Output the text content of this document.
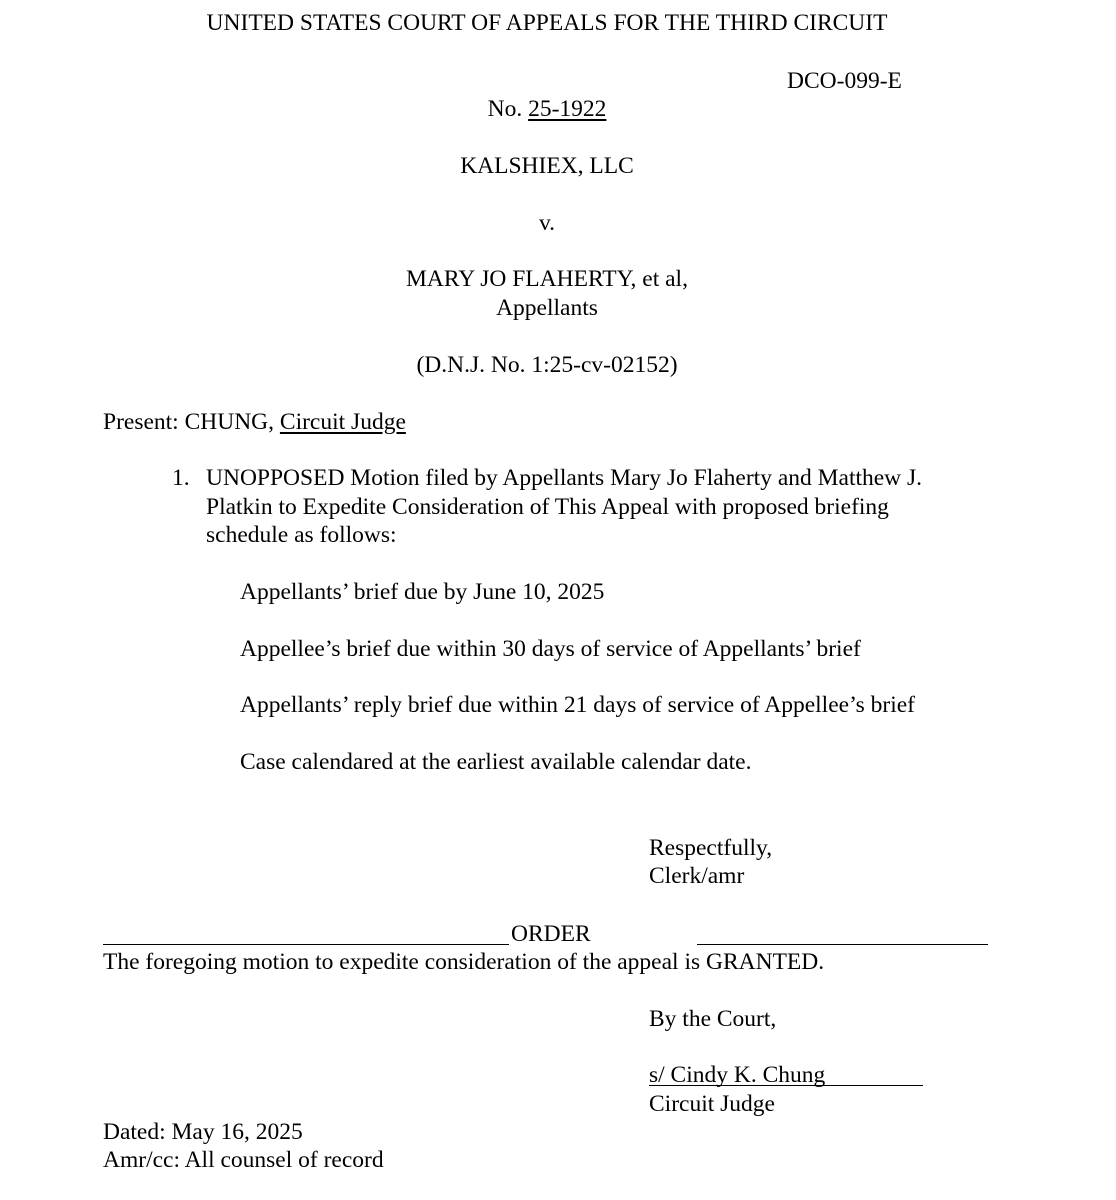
UNITED STATES COURT OF APPEALS FOR THE THIRD CIRCUIT
DCO-099-E
No. 25-1922
KALSHIEX, LLC
v.
MARY JO FLAHERTY, et al,
Appellants
(D.N.J. No. 1:25-cv-02152)
Present: CHUNG, Circuit Judge
1. UNOPPOSED Motion filed by Appellants Mary Jo Flaherty and Matthew J.
Platkin to Expedite Consideration of This Appeal with proposed briefing
schedule as follows:
Appellants’ brief due by June 10, 2025
Appellee’s brief due within 30 days of service of Appellants’ brief
Appellants’ reply brief due within 21 days of service of Appellee’s brief
Case calendared at the earliest available calendar date.
Respectfully,
Clerk/amr
ORDER
The foregoing motion to expedite consideration of the appeal is GRANTED.
By the Court,
s/ Cindy K. Chung
Circuit Judge
Dated: May 16, 2025
Amr/cc: All counsel of record
